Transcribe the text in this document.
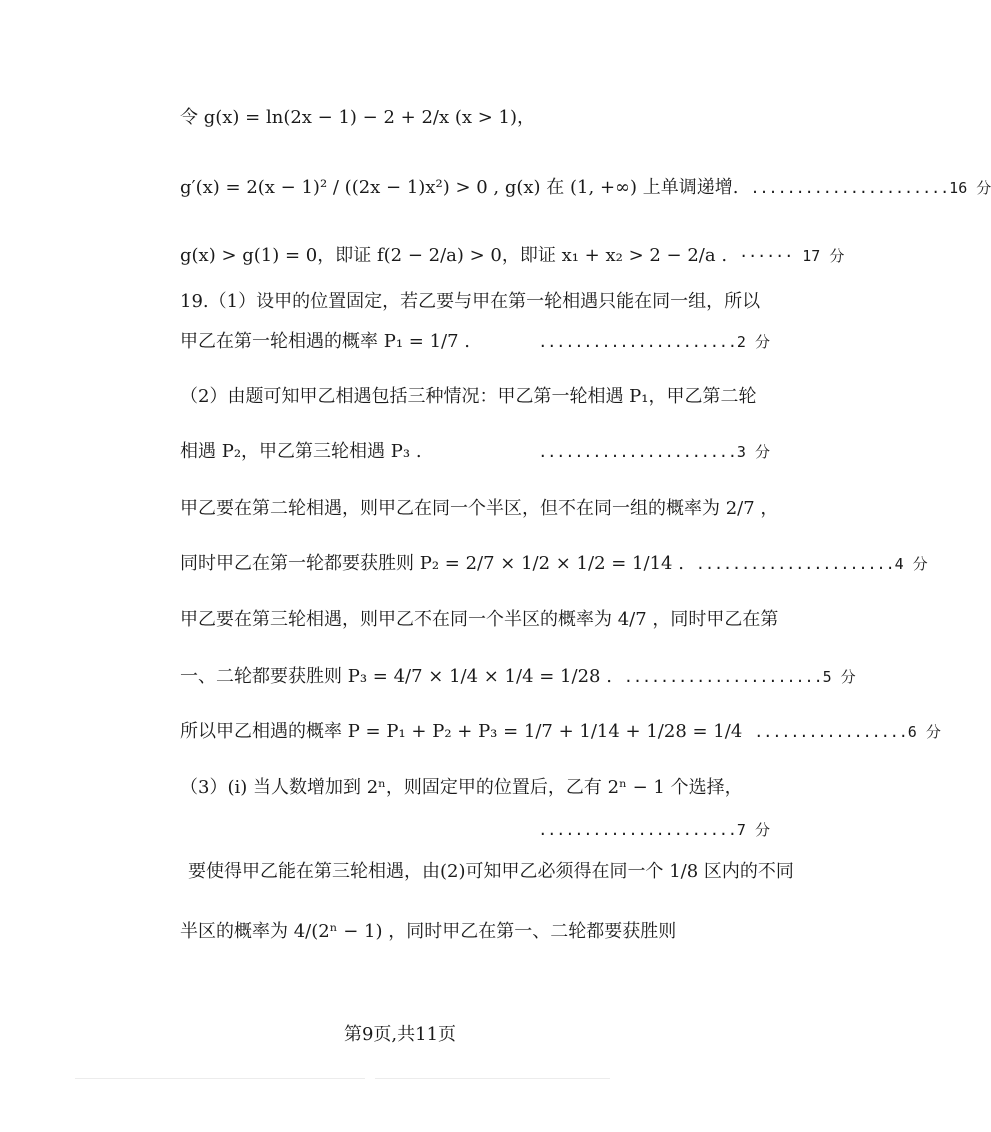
令 g(x) = ln(2x − 1) − 2 + 2/x (x > 1)，
g′(x) = 2(x − 1)² / ((2x − 1)x²) > 0 , g(x) 在 (1, +∞) 上单调递增. ......................16 分
g(x) > g(1) = 0，即证 f(2 − 2/a) > 0，即证 x₁ + x₂ > 2 − 2/a . ······ 17 分
19.（1）设甲的位置固定，若乙要与甲在第一轮相遇只能在同一组，所以
甲乙在第一轮相遇的概率 P₁ = 1/7 .	......................2 分
（2）由题可知甲乙相遇包括三种情况：甲乙第一轮相遇 P₁，甲乙第二轮
相遇 P₂，甲乙第三轮相遇 P₃ .	......................3 分
甲乙要在第二轮相遇，则甲乙在同一个半区，但不在同一组的概率为 2/7 ，
同时甲乙在第一轮都要获胜则 P₂ = 2/7 × 1/2 × 1/2 = 1/14 . ......................4 分
甲乙要在第三轮相遇，则甲乙不在同一个半区的概率为 4/7 ，同时甲乙在第
一、二轮都要获胜则 P₃ = 4/7 × 1/4 × 1/4 = 1/28 . ......................5 分
所以甲乙相遇的概率 P = P₁ + P₂ + P₃ = 1/7 + 1/14 + 1/28 = 1/4 .................6 分
（3）(i) 当人数增加到 2ⁿ，则固定甲的位置后，乙有 2ⁿ − 1 个选择，
......................7 分
要使得甲乙能在第三轮相遇，由(2)可知甲乙必须得在同一个 1/8 区内的不同
半区的概率为 4/(2ⁿ − 1) ，同时甲乙在第一、二轮都要获胜则
第9页,共11页
